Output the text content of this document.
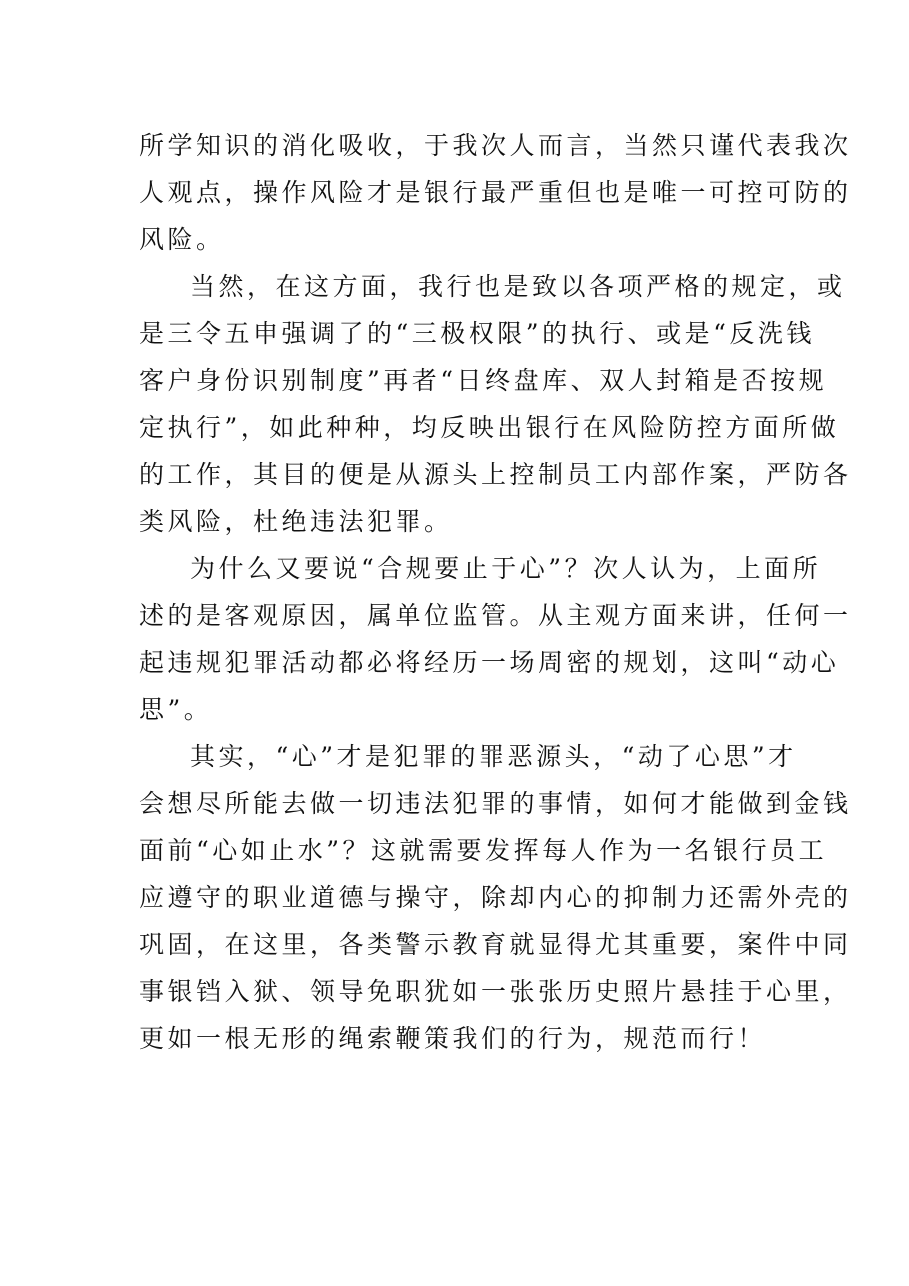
所学知识的消化吸收，于我次人而言，当然只谨代表我次
人观点，操作风险才是银行最严重但也是唯一可控可防的
风险。

当然，在这方面，我行也是致以各项严格的规定，或
是三令五申强调了的“三极权限”的执行、或是“反洗钱
客户身份识别制度”再者“日终盘库、双人封箱是否按规
定执行”，如此种种，均反映出银行在风险防控方面所做
的工作，其目的便是从源头上控制员工内部作案，严防各
类风险，杜绝违法犯罪。

为什么又要说“合规要止于心”？次人认为，上面所
述的是客观原因，属单位监管。从主观方面来讲，任何一
起违规犯罪活动都必将经历一场周密的规划，这叫“动心
思”。

其实，“心”才是犯罪的罪恶源头，“动了心思”才
会想尽所能去做一切违法犯罪的事情，如何才能做到金钱
面前“心如止水”？这就需要发挥每人作为一名银行员工
应遵守的职业道德与操守，除却内心的抑制力还需外壳的
巩固，在这里，各类警示教育就显得尤其重要，案件中同
事银铛入狱、领导免职犹如一张张历史照片悬挂于心里，
更如一根无形的绳索鞭策我们的行为，规范而行！
